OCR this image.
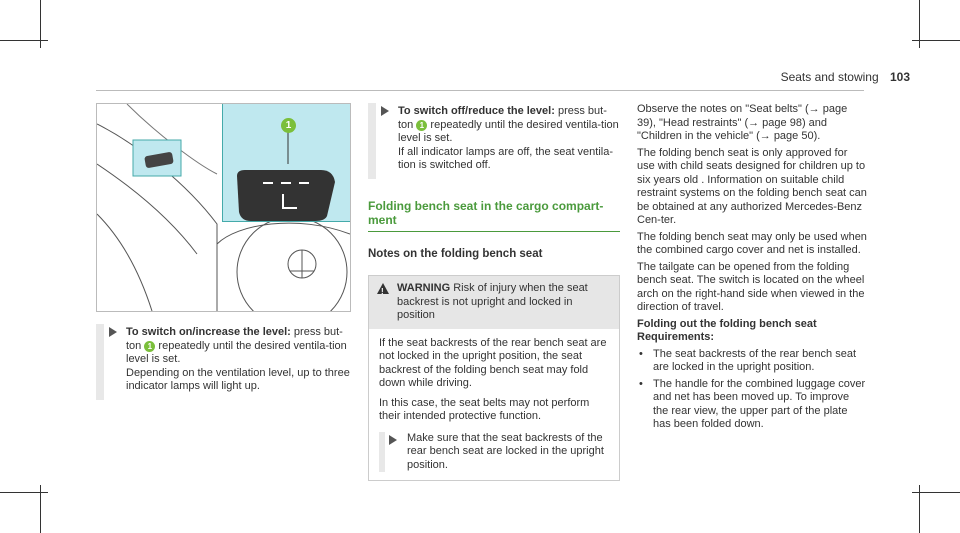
Seats and stowing 103
1
To switch on/increase the level: press but-ton 1 repeatedly until the desired ventila-tion level is set.
Depending on the ventilation level, up to three indicator lamps will light up.
To switch off/reduce the level: press but-ton 1 repeatedly until the desired ventila-tion level is set.
If all indicator lamps are off, the seat ventila-tion is switched off.
Folding bench seat in the cargo compart-ment
Notes on the folding bench seat
! WARNING Risk of injury when the seat backrest is not upright and locked in position

If the seat backrests of the rear bench seat are not locked in the upright position, the seat backrest of the folding bench seat may fold down while driving.

In this case, the seat belts may not perform their intended protective function.

Make sure that the seat backrests of the rear bench seat are locked in the upright position.

Observe the notes on "Seat belts" (→ page 39), "Head restraints" (→ page 98) and "Children in the vehicle" (→ page 50).

The folding bench seat is only approved for use with child seats designed for children up to six years old . Information on suitable child restraint systems on the folding bench seat can be obtained at any authorized Mercedes-Benz Cen-ter.

The folding bench seat may only be used when the combined cargo cover and net is installed.

The tailgate can be opened from the folding bench seat. The switch is located on the wheel arch on the right-hand side when viewed in the direction of travel.

Folding out the folding bench seat
Requirements:
• The seat backrests of the rear bench seat are locked in the upright position.
• The handle for the combined luggage cover and net has been moved up. To improve the rear view, the upper part of the plate has been folded down.
